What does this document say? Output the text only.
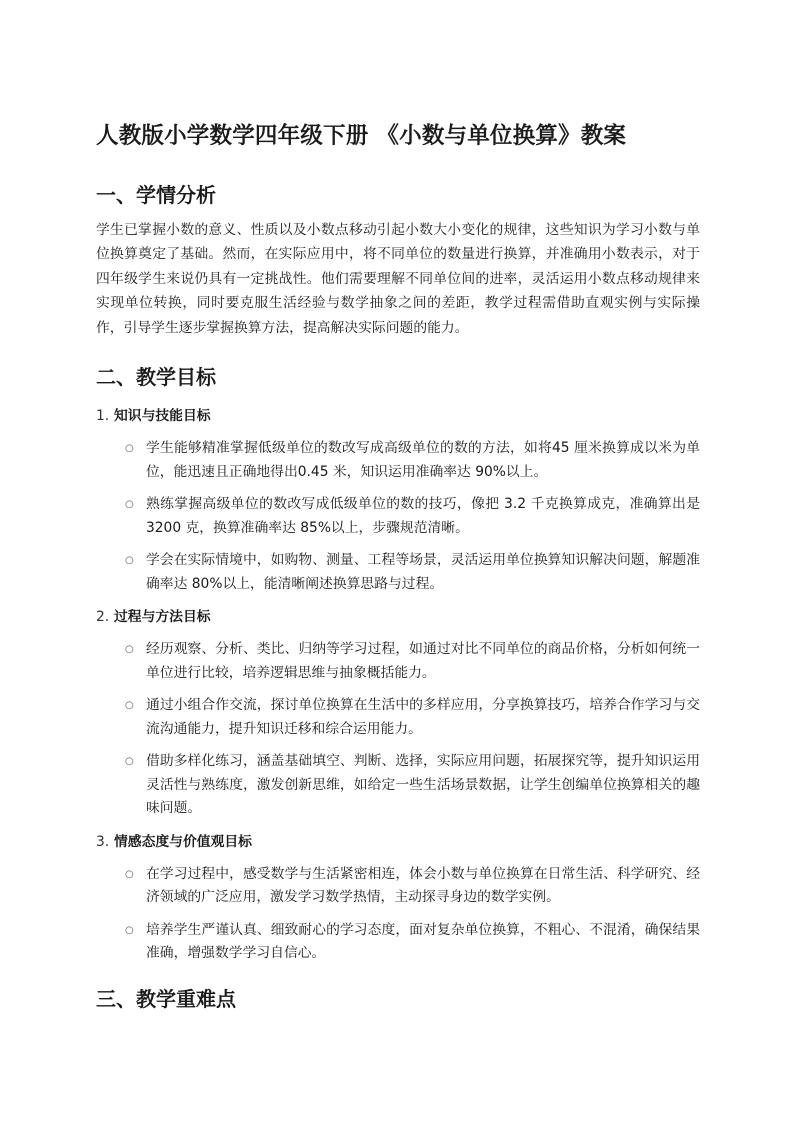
人教版小学数学四年级下册 《小数与单位换算》教案
一、学情分析

学生已掌握小数的意义、性质以及小数点移动引起小数大小变化的规律，这些知识为学习小数与单位换算奠定了基础。然而，在实际应用中，将不同单位的数量进行换算，并准确用小数表示，对于四年级学生来说仍具有一定挑战性。他们需要理解不同单位间的进率，灵活运用小数点移动规律来实现单位转换，同时要克服生活经验与数学抽象之间的差距，教学过程需借助直观实例与实际操作，引导学生逐步掌握换算方法，提高解决实际问题的能力。

二、教学目标
1. 知识与技能目标
○ 学生能够精准掌握低级单位的数改写成高级单位的数的方法，如将45 厘米换算成以米为单位，能迅速且正确地得出0.45 米，知识运用准确率达 90%以上。
○ 熟练掌握高级单位的数改写成低级单位的数的技巧，像把 3.2 千克换算成克，准确算出是 3200 克，换算准确率达 85%以上，步骤规范清晰。
○ 学会在实际情境中，如购物、测量、工程等场景，灵活运用单位换算知识解决问题，解题准确率达 80%以上，能清晰阐述换算思路与过程。
2. 过程与方法目标
○ 经历观察、分析、类比、归纳等学习过程，如通过对比不同单位的商品价格，分析如何统一单位进行比较，培养逻辑思维与抽象概括能力。
○ 通过小组合作交流，探讨单位换算在生活中的多样应用，分享换算技巧，培养合作学习与交流沟通能力，提升知识迁移和综合运用能力。
○ 借助多样化练习，涵盖基础填空、判断、选择，实际应用问题，拓展探究等，提升知识运用灵活性与熟练度，激发创新思维，如给定一些生活场景数据，让学生创编单位换算相关的趣味问题。
3. 情感态度与价值观目标
○ 在学习过程中，感受数学与生活紧密相连，体会小数与单位换算在日常生活、科学研究、经济领域的广泛应用，激发学习数学热情，主动探寻身边的数学实例。
○ 培养学生严谨认真、细致耐心的学习态度，面对复杂单位换算，不粗心、不混淆，确保结果准确，增强数学学习自信心。
三、教学重难点
